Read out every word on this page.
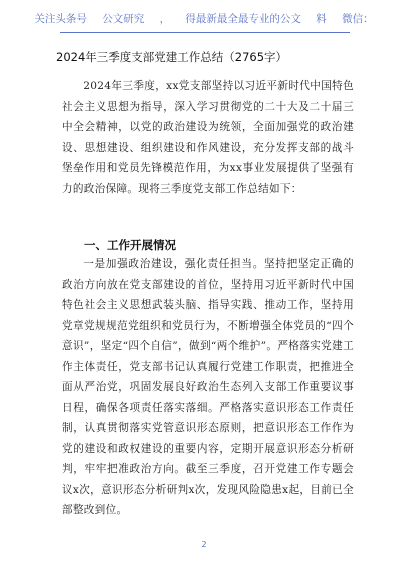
关注头条号 公文研究 ， 得最新最全最专业的公文 料 微信：
2024年三季度支部党建工作总结（2765字）
2024年三季度，xx党支部坚持以习近平新时代中国特色社会主义思想为指导，深入学习贯彻党的二十大及二十届三中全会精神，以党的政治建设为统领，全面加强党的政治建设、思想建设、组织建设和作风建设，充分发挥支部的战斗堡垒作用和党员先锋模范作用，为xx事业发展提供了坚强有力的政治保障。现将三季度党支部工作总结如下：
一、工作开展情况
一是加强政治建设，强化责任担当。坚持把坚定正确的政治方向放在党支部建设的首位，坚持用习近平新时代中国特色社会主义思想武装头脑、指导实践、推动工作，坚持用党章党规规范党组织和党员行为，不断增强全体党员的“四个意识”，坚定“四个自信”，做到“两个维护”。严格落实党建工作主体责任，党支部书记认真履行党建工作职责，把推进全面从严治党，巩固发展良好政治生态列入支部工作重要议事日程，确保各项责任落实落细。严格落实意识形态工作责任制，认真贯彻落实党管意识形态原则，把意识形态工作作为党的建设和政权建设的重要内容，定期开展意识形态分析研判，牢牢把准政治方向。截至三季度，召开党建工作专题会议x次，意识形态分析研判x次，发现风险隐患x起，目前已全部整改到位。
2
